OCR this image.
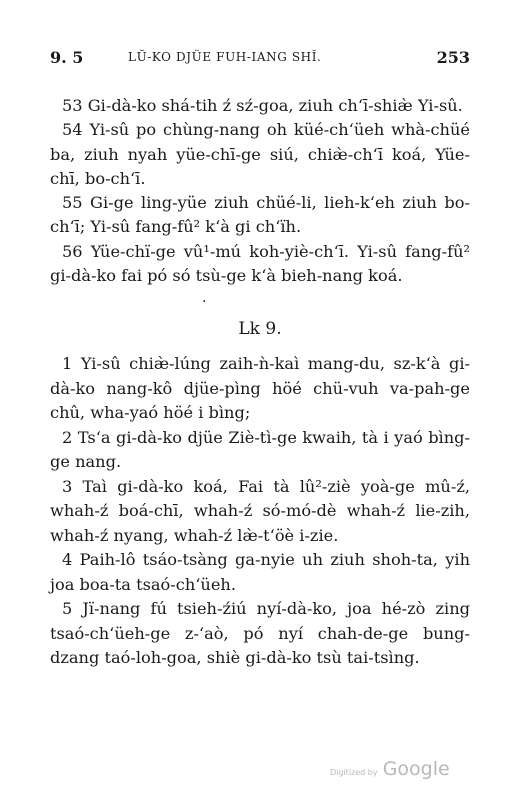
9. 5	LŬ-KO DJÜE FUH-IANG SHĬ.	253

53 Gi-dà-ko shá-tih ź sź-goa, ziuh ch‘ī-shiæ̀ Yi-sû.

54 Yi-sû po chùng-nang oh küé-ch‘üeh whà-chüé ba, ziuh nyah yüe-chī-ge siú, chiæ̀-ch‘ī koá, Yüe-chī, bo-ch‘ī.

55 Gi-ge ling-yüe ziuh chüé-li, lieh-k‘eh ziuh bo-ch‘ī; Yi-sû fang-fû² k‘à gi ch‘ïh.

56 Yüe-chï-ge vû¹-mú koh-yiè-ch‘ī. Yi-sû fang-fû² gi-dà-ko fai pó só tsù-ge k‘à bieh-nang koá.

·
Lk 9.

1 Yi-sû chiæ̀-lúng zaih-ǹ-kaì mang-du, sz-k‘à gi-dà-ko nang-kô djüe-pìng höé chü-vuh va-pah-ge chû, wha-yaó höé i bìng;

2 Ts‘a gi-dà-ko djüe Ziè-tì-ge kwaih, tà i yaó bìng-ge nang.

3 Taì gi-dà-ko koá, Fai tà lû²-ziè yoà-ge mû-ź, whah-ź boá-chī, whah-ź só-mó-dè whah-ź lie-zih, whah-ź nyang, whah-ź læ̀-t‘öè i-zie.

4 Paih-lô tsáo-tsàng ga-nyie uh ziuh shoh-ta, yih joa boa-ta tsaó-ch‘üeh.

5 Jï-nang fú tsieh-źiú nyí-dà-ko, joa hé-zò zing tsaó-ch‘üeh-ge z-‘aò, pó nyí chah-de-ge bung-dzang taó-loh-goa, shiè gi-dà-ko tsù tai-tsìng.

Digitized by Google
